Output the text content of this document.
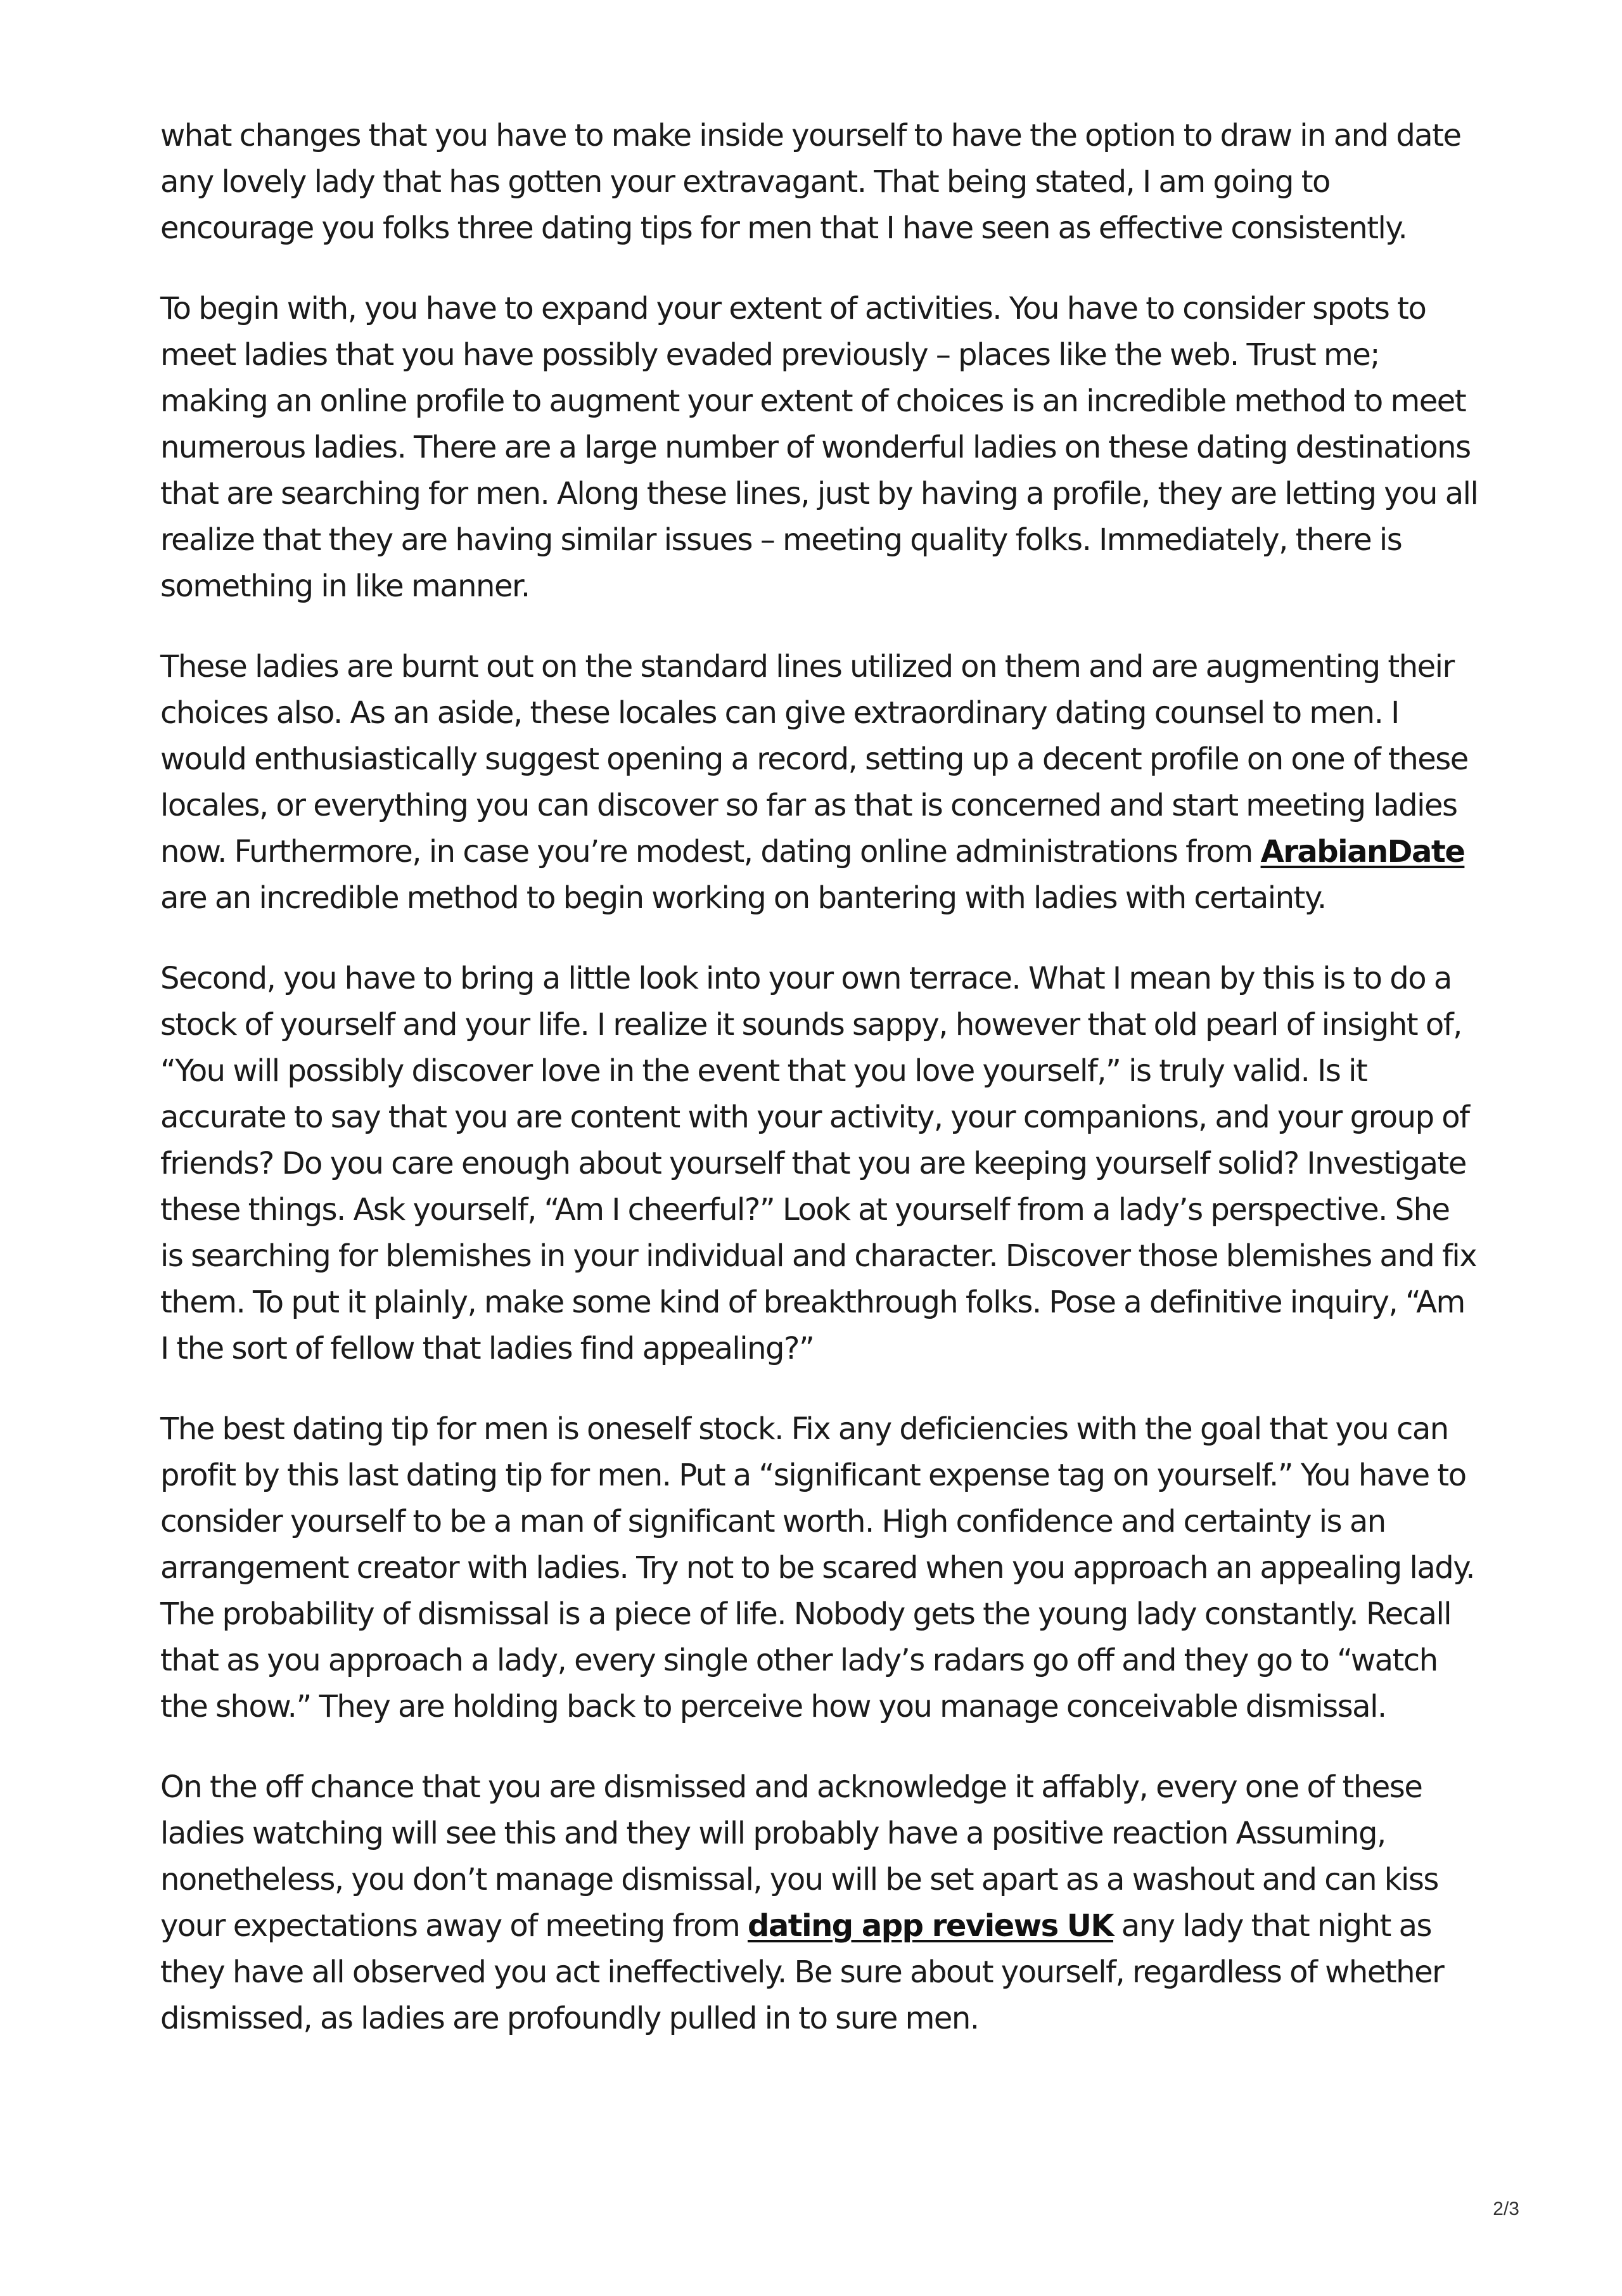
what changes that you have to make inside yourself to have the option to draw in and date any lovely lady that has gotten your extravagant. That being stated, I am going to encourage you folks three dating tips for men that I have seen as effective consistently.

To begin with, you have to expand your extent of activities. You have to consider spots to meet ladies that you have possibly evaded previously – places like the web. Trust me; making an online profile to augment your extent of choices is an incredible method to meet numerous ladies. There are a large number of wonderful ladies on these dating destinations that are searching for men. Along these lines, just by having a profile, they are letting you all realize that they are having similar issues – meeting quality folks. Immediately, there is something in like manner.

These ladies are burnt out on the standard lines utilized on them and are augmenting their choices also. As an aside, these locales can give extraordinary dating counsel to men. I would enthusiastically suggest opening a record, setting up a decent profile on one of these locales, or everything you can discover so far as that is concerned and start meeting ladies now. Furthermore, in case you’re modest, dating online administrations from ArabianDate are an incredible method to begin working on bantering with ladies with certainty.

Second, you have to bring a little look into your own terrace. What I mean by this is to do a stock of yourself and your life. I realize it sounds sappy, however that old pearl of insight of, “You will possibly discover love in the event that you love yourself,” is truly valid. Is it accurate to say that you are content with your activity, your companions, and your group of friends? Do you care enough about yourself that you are keeping yourself solid? Investigate these things. Ask yourself, “Am I cheerful?” Look at yourself from a lady’s perspective. She is searching for blemishes in your individual and character. Discover those blemishes and fix them. To put it plainly, make some kind of breakthrough folks. Pose a definitive inquiry, “Am I the sort of fellow that ladies find appealing?”

The best dating tip for men is oneself stock. Fix any deficiencies with the goal that you can profit by this last dating tip for men. Put a “significant expense tag on yourself.” You have to consider yourself to be a man of significant worth. High confidence and certainty is an arrangement creator with ladies. Try not to be scared when you approach an appealing lady. The probability of dismissal is a piece of life. Nobody gets the young lady constantly. Recall that as you approach a lady, every single other lady’s radars go off and they go to “watch the show.” They are holding back to perceive how you manage conceivable dismissal.

On the off chance that you are dismissed and acknowledge it affably, every one of these ladies watching will see this and they will probably have a positive reaction Assuming, nonetheless, you don’t manage dismissal, you will be set apart as a washout and can kiss your expectations away of meeting from dating app reviews UK any lady that night as they have all observed you act ineffectively. Be sure about yourself, regardless of whether dismissed, as ladies are profoundly pulled in to sure men.

2/3
